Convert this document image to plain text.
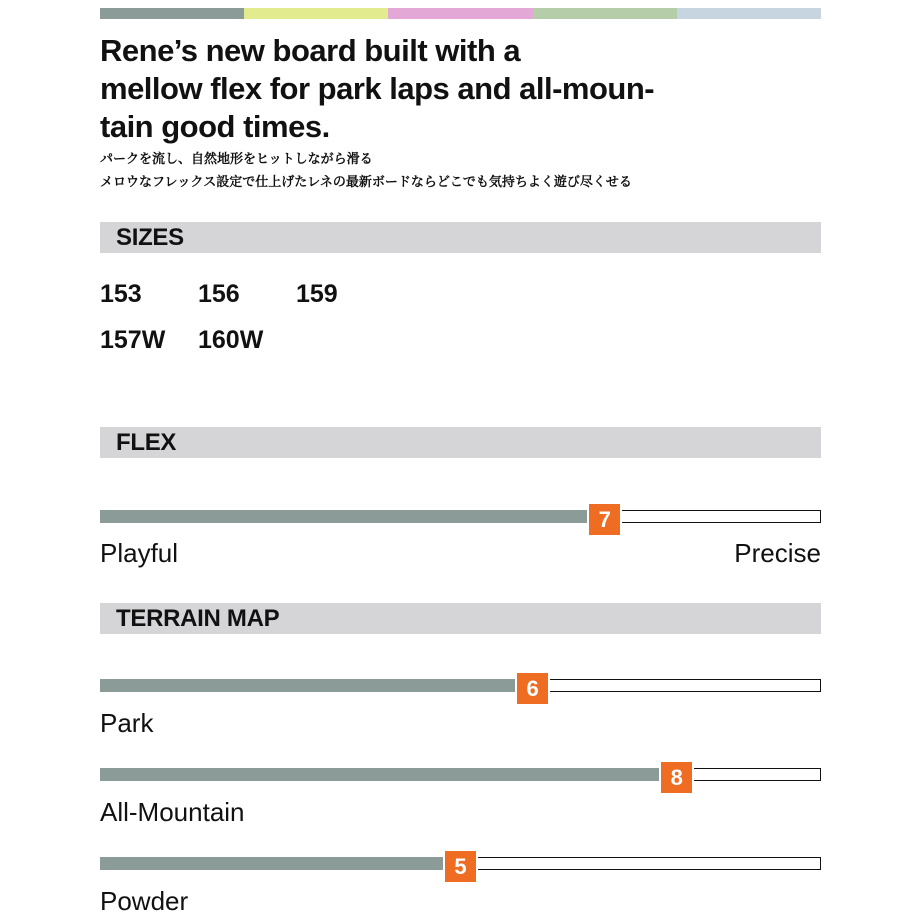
Rene’s new board built with a
mellow flex for park laps and all-moun-
tain good times.

パークを流し、自然地形をヒットしながら滑る

メロウなフレックス設定で仕上げたレネの最新ボードならどこでも気持ちよく遊び尽くせる

SIZES
153 156 159
157W 160W
FLEX
7
Playful	Precise
TERRAIN MAP
6
Park
8
All-Mountain
5
Powder
